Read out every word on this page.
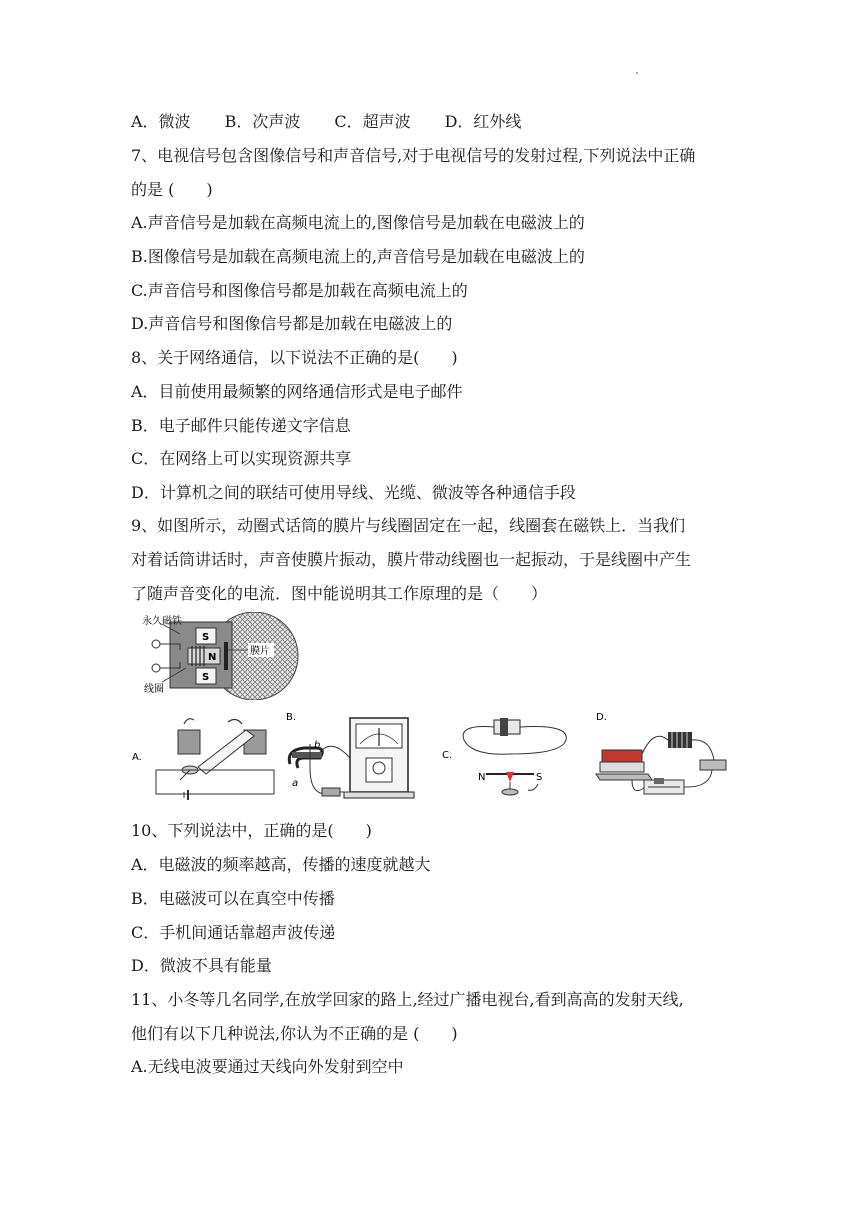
A．微波 B．次声波 C．超声波 D．红外线
7、电视信号包含图像信号和声音信号,对于电视信号的发射过程,下列说法中正确
的是 (　　)
A.声音信号是加载在高频电流上的,图像信号是加载在电磁波上的
B.图像信号是加载在高频电流上的,声音信号是加载在电磁波上的
C.声音信号和图像信号都是加载在高频电流上的
D.声音信号和图像信号都是加载在电磁波上的
8、关于网络通信，以下说法不正确的是(　　)
A．目前使用最频繁的网络通信形式是电子邮件
B．电子邮件只能传递文字信息
C．在网络上可以实现资源共享
D．计算机之间的联结可使用导线、光缆、微波等各种通信手段
9、如图所示，动圈式话筒的膜片与线圈固定在一起，线圈套在磁铁上．当我们
对着话筒讲话时，声音使膜片振动，膜片带动线圈也一起振动，于是线圈中产生
了随声音变化的电流．图中能说明其工作原理的是（　　）
永久磁铁
膜片
线圈
S
S
N
A.
B.
b
a
C.
N	S
D.
10、下列说法中，正确的是(　　)
A．电磁波的频率越高，传播的速度就越大
B．电磁波可以在真空中传播
C．手机间通话靠超声波传递
D．微波不具有能量
11、小冬等几名同学,在放学回家的路上,经过广播电视台,看到高高的发射天线,
他们有以下几种说法,你认为不正确的是 (　　)
A.无线电波要通过天线向外发射到空中
